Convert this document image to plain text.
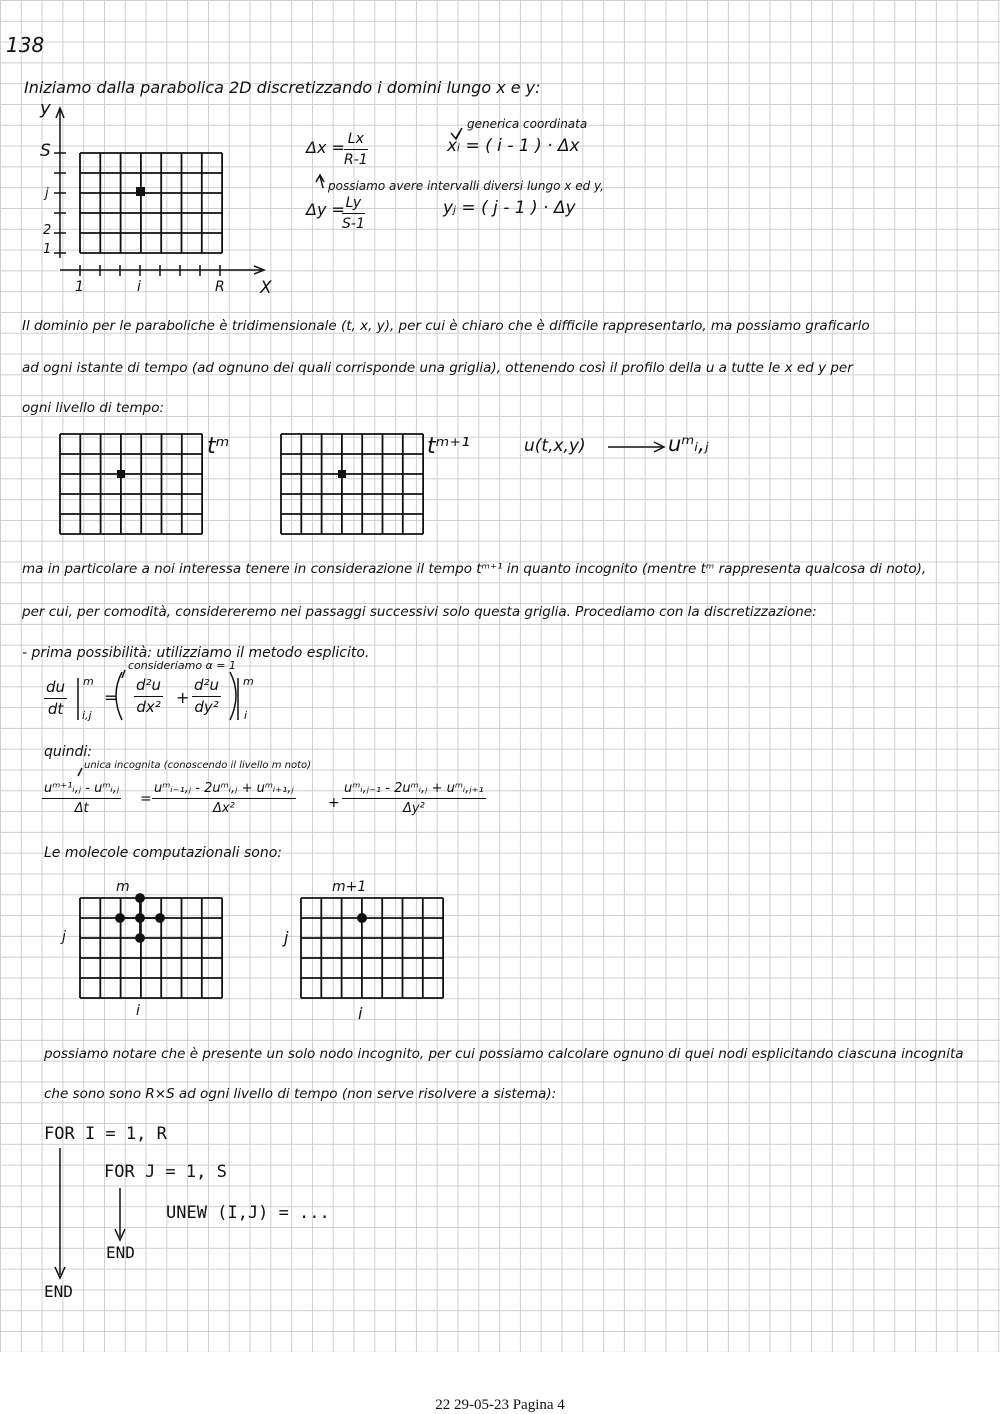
138
Iniziamo dalla parabolica 2D discretizzando i domini lungo x e y:
y
S
j
2
1
1	i	R X
$\Delta x = \frac{Lx}{R-1}$
generica coordinata
xᵢ = ( i - 1 ) · Δx
possiamo avere intervalli diversi lungo x ed y,
Δy =
$\frac{Ly}{S-1}$	yⱼ = ( j - 1 ) · Δy
Il dominio per le paraboliche è tridimensionale (t, x, y), per cui è chiaro che è difficile rappresentarlo, ma possiamo graficarlo
ad ogni istante di tempo (ad ognuno dei quali corrisponde una griglia), ottenendo così il profilo della u a tutte le x ed y per
ogni livello di tempo:
tᵐ	tᵐ⁺¹	u(t,x,y)	uᵐᵢ,ⱼ
ma in particolare a noi interessa tenere in considerazione il tempo tᵐ⁺¹ in quanto incognito (mentre tᵐ rappresenta qualcosa di noto),
per cui, per comodità, considereremo nei passaggi successivi solo questa griglia. Procediamo con la discretizzazione:
- prima possibilità: utilizziamo il metodo esplicito.
consideriamo α = 1
$\frac{du}{dt}$ m
i,j
= $\frac{\text{d²u}}{\text{dx²}} + \frac{\text{d²u}}{\text{dy²}}$ m
i
quindi:
unica incognita (conoscendo il livello m noto)
uᵐ⁺¹ᵢ,ⱼ - uᵐᵢ,ⱼ
Δt
=
uᵐᵢ₋₁,ⱼ - 2uᵐᵢ,ⱼ + uᵐᵢ₊₁,ⱼ
Δx²	+
uᵐᵢ,ⱼ₋₁ - 2uᵐᵢ,ⱼ + uᵐᵢ,ⱼ₊₁
Δy²
Le molecole computazionali sono:
m	m+1
j	j
i	i
possiamo notare che è presente un solo nodo incognito, per cui possiamo calcolare ognuno di quei nodi esplicitando ciascuna incognita
che sono sono R×S ad ogni livello di tempo (non serve risolvere a sistema):
FOR I = 1, R
FOR J = 1, S
UNEW (I,J) = ...
END
END
22 29-05-23 Pagina 4
